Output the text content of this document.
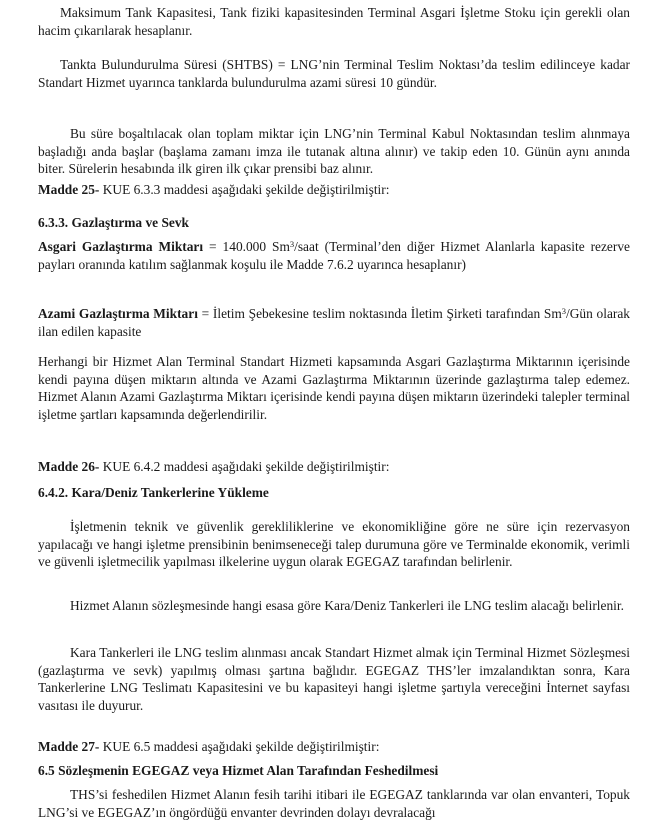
Maksimum Tank Kapasitesi, Tank fiziki kapasitesinden Terminal Asgari İşletme Stoku için gerekli olan hacim çıkarılarak hesaplanır.

Tankta Bulundurulma Süresi (SHTBS) = LNG’nin Terminal Teslim Noktası’da teslim edilinceye kadar Standart Hizmet uyarınca tanklarda bulundurulma azami süresi 10 gündür.

Bu süre boşaltılacak olan toplam miktar için LNG’nin Terminal Kabul Noktasından teslim alınmaya başladığı anda başlar (başlama zamanı imza ile tutanak altına alınır) ve takip eden 10. Günün aynı anında biter. Sürelerin hesabında ilk giren ilk çıkar prensibi baz alınır.

Madde 25- KUE 6.3.3 maddesi aşağıdaki şekilde değiştirilmiştir:

6.3.3. Gazlaştırma ve Sevk

Asgari Gazlaştırma Miktarı = 140.000 Sm$^3$/saat (Terminal’den diğer Hizmet Alanlarla kapasite rezerve payları oranında katılım sağlanmak koşulu ile Madde 7.6.2 uyarınca hesaplanır)

Azami Gazlaştırma Miktarı = İletim Şebekesine teslim noktasında İletim Şirketi tarafından Sm$^3$/Gün olarak ilan edilen kapasite

Herhangi bir Hizmet Alan Terminal Standart Hizmeti kapsamında Asgari Gazlaştırma Miktarının içerisinde kendi payına düşen miktarın altında ve Azami Gazlaştırma Miktarının üzerinde gazlaştırma talep edemez. Hizmet Alanın Azami Gazlaştırma Miktarı içerisinde kendi payına düşen miktarın üzerindeki talepler terminal işletme şartları kapsamında değerlendirilir.

Madde 26- KUE 6.4.2 maddesi aşağıdaki şekilde değiştirilmiştir:

6.4.2. Kara/Deniz Tankerlerine Yükleme

İşletmenin teknik ve güvenlik gerekliliklerine ve ekonomikliğine göre ne süre için rezervasyon yapılacağı ve hangi işletme prensibinin benimseneceği talep durumuna göre ve Terminalde ekonomik, verimli ve güvenli işletmecilik yapılması ilkelerine uygun olarak EGEGAZ tarafından belirlenir.

Hizmet Alanın sözleşmesinde hangi esasa göre Kara/Deniz Tankerleri ile LNG teslim alacağı belirlenir.

Kara Tankerleri ile LNG teslim alınması ancak Standart Hizmet almak için Terminal Hizmet Sözleşmesi (gazlaştırma ve sevk) yapılmış olması şartına bağlıdır. EGEGAZ THS’ler imzalandıktan sonra, Kara Tankerlerine LNG Teslimatı Kapasitesini ve bu kapasiteyi hangi işletme şartıyla vereceğini İnternet sayfası vasıtası ile duyurur.

Madde 27- KUE 6.5 maddesi aşağıdaki şekilde değiştirilmiştir:

6.5 Sözleşmenin EGEGAZ veya Hizmet Alan Tarafından Feshedilmesi

THS’si feshedilen Hizmet Alanın fesih tarihi itibari ile EGEGAZ tanklarında var olan envanteri, Topuk LNG’si ve EGEGAZ’ın öngördüğü envanter devrinden dolayı devralacağı
